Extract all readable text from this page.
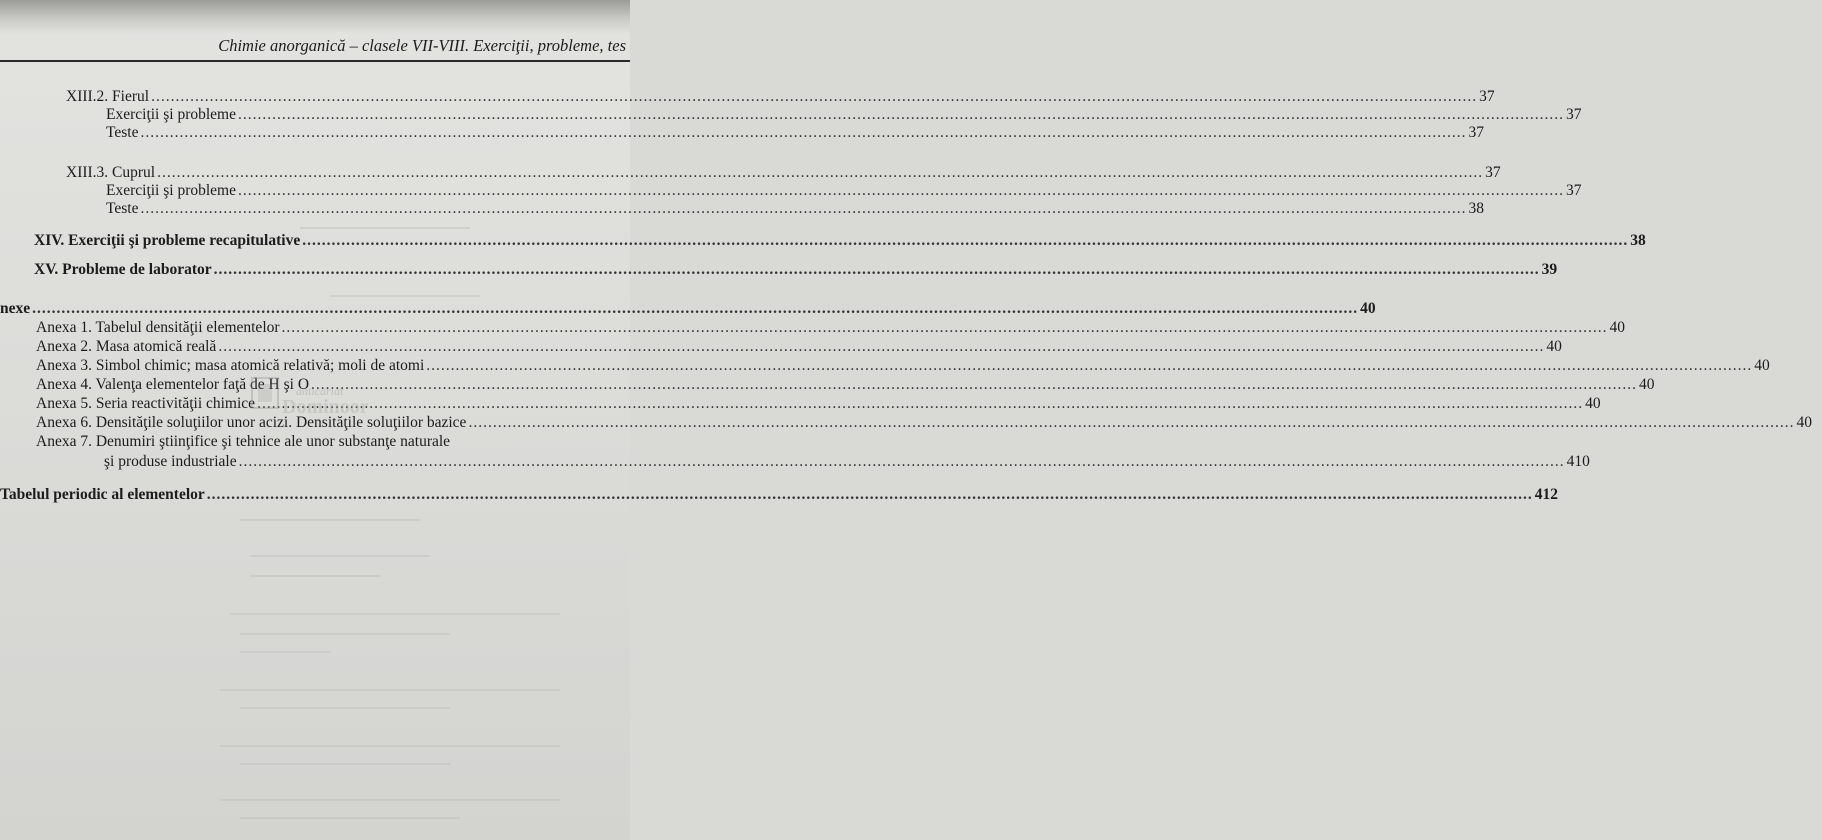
Chimie anorganică – clasele VII-VIII. Exerciţii, probleme, tes
XIII.2. Fierul .....	37
Exerciţii şi probleme .....	37
Teste .....	37
XIII.3. Cuprul .....	37
Exerciţii şi probleme .....	37
Teste .....	38
XIV. Exerciţii şi probleme recapitulative .....	38
XV. Probleme de laborator .....	39
nexe .....	40
Anexa 1. Tabelul densităţii elementelor .....	40
Anexa 2. Masa atomică reală .....	40
Anexa 3. Simbol chimic; masa atomică relativă; moli de atomi .....	40
Anexa 4. Valenţa elementelor faţă de H şi O .....	40
Anexa 5. Seria reactivităţii chimice .....	40
Anexa 6. Densităţile soluţiilor unor acizi. Densităţile soluţiilor bazice .....	40
Anexa 7. Denumiri ştiinţifice şi tehnice ale unor substanţe naturale
şi produse industriale .....	410
Tabelul periodic al elementelor .....	412
anticariat
Dominoor
